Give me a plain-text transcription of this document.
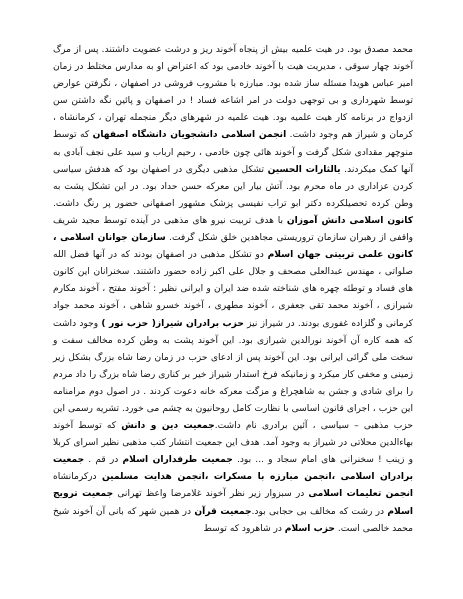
محمد مصدق بود. در هیت علمیه بیش از پنجاه آخوند ریز و درشت عضویت داشتند. پس از مرگ آخوند چهار سوقی ، مدیریت هیت با آخوند خادمی بود که اعتراض او به مدارس مختلط در زمان امیر عباس هویدا مسئله ساز شده بود. مبارزه با مشروب فروشی در اصفهان ، نگرفتن عوارض توسط شهرداری و بی توجهی دولت در امر اشاعه فساد ! در اصفهان و پائین نگه داشتن سن ازدواج در برنامه کار هیت علمیه بود. هیت علمیه در شهرهای دیگر منجمله تهران ، کرمانشاه ، کرمان و شیراز هم وجود داشت. انجمن اسلامی دانشجویان دانشگاه اصفهان که توسط منوچهر مقدادی شکل گرفت و آخوند هائی چون خادمی ، رحیم ارباب و سید علی نجف آبادی به آنها کمک میکردند. یالثارات الحسین تشکل مذهبی دیگری در اصفهان بود که هدفش سیاسی کردن عزاداری در ماه محرم بود. آتش بیار این معرکه حسن حداد بود. در این تشکل پشت به وطن کرده تحصیلکرده دکتر ابو تراب نفیسی پزشک مشهور اصفهانی حضور پر رنگ داشت. کانون اسلامی دانش آموزان با هدف تربیت نیرو های مذهبی در آینده توسط مجید شریف واقفی از رهبران سازمان تروریستی مجاهدین خلق شکل گرفت. سازمان جوانان اسلامی ، کانون علمی تربیتی جهان اسلام دو تشکل مذهبی در اصفهان بودند که در آنها فضل الله صلواتی ، مهندس عبدالعلی مصحف و جلال علی اکبر زاده حضور داشتند. سخنرانان این کانون های فساد و توطئه چهره های شناخته شده ضد ایران و ایرانی نظیر : آخوند مفتح ، آخوند مکارم شیرازی ، آخوند محمد تقی جعفری ، آخوند مطهری ، آخوند خسرو شاهی ، آخوند محمد جواد کرمانی و گلزاده غفوری بودند. در شیراز نیز حزب برادران شیراز( حزب نور ) وجود داشت که همه کاره آن آخوند نورالدین شیرازی بود. این آخوند پشت به وطن کرده مخالف سفت و سخت ملی گرائی ایرانی بود. این آخوند پس از ادعای حزب در زمان رضا شاه بزرگ بشکل زیر زمینی و مخفی کار میکرد و زمانیکه فرخ استدار شیراز خیر بر کناری رضا شاه بزرگ را داد مردم را برای شادی و جشن به شاهچراغ و مزگت معرکه خانه دعوت کردند . در اصول دوم مرامنامه این حزب ، اجرای قانون اساسی با نظارت کامل روحانیون به چشم می خورد. تشریه رسمی این حزب مذهبی – سیاسی ، آئین برادری نام داشت.جمعیت دین و دانش که توسط آخوند بهاءالدین محلاتی در شیراز به وجود آمد. هدف این جمعیت انتشار کتب مذهبی نظیر اسرای کربلا و زینب ! سخنرانی های امام سجاد و ... بود. جمعیت طرفداران اسلام در قم . جمعیت برادران اسلامی ،انجمن مبارزه با مسکرات ،انجمن هدایت مسلمین درکرمانشاه انجمن تعلیمات اسلامی در سبزوار زیر نظر آخوند غلامرضا واعظ تهرانی جمعیت ترویج اسلام در رشت که مخالف بی حجابی بود.جمعیت قرآن در همین شهر که بانی آن آخوند شیخ محمد خالصی است. حزب اسلام در شاهرود که توسط
